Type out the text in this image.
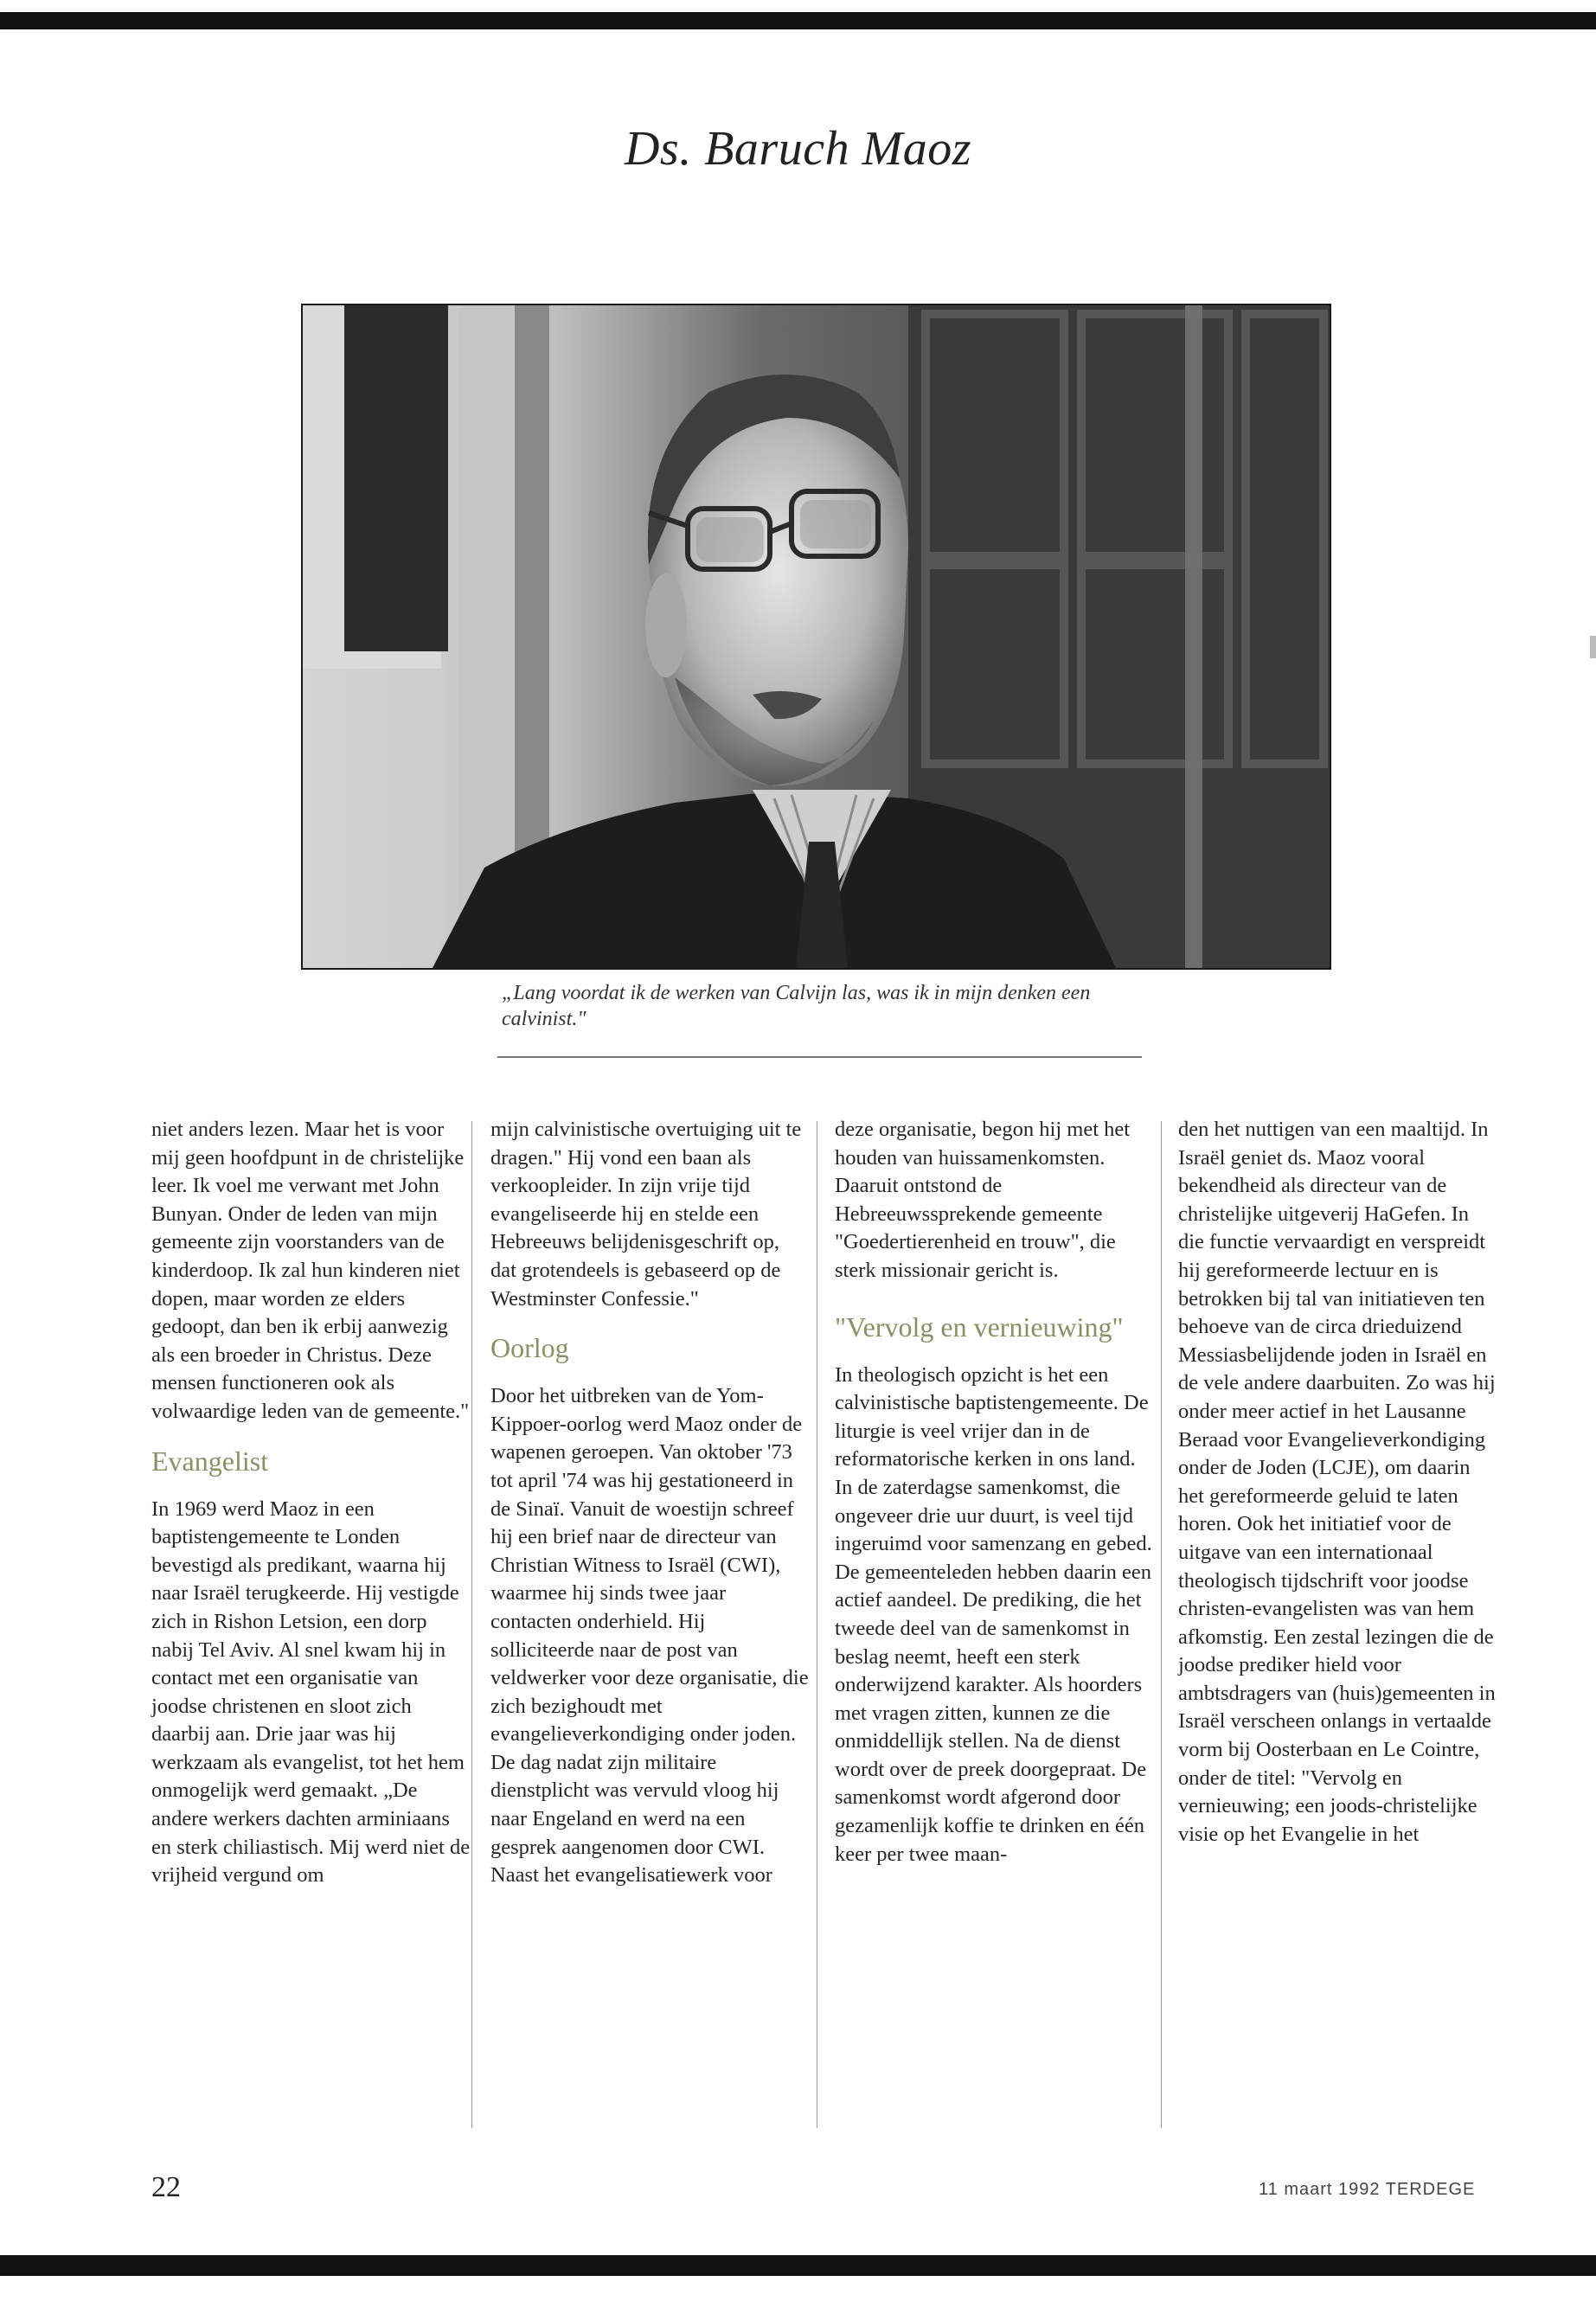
Ds. Baruch Maoz
„Lang voordat ik de werken van Calvijn las, was ik in mijn denken een calvinist."

niet anders lezen. Maar het is voor mij geen hoofdpunt in de christelijke leer. Ik voel me verwant met John Bunyan. Onder de leden van mijn gemeente zijn voorstanders van de kinderdoop. Ik zal hun kinderen niet dopen, maar worden ze elders gedoopt, dan ben ik erbij aanwezig als een broeder in Christus. Deze mensen functioneren ook als volwaardige leden van de gemeente."

Evangelist

In 1969 werd Maoz in een baptistengemeente te Londen bevestigd als predikant, waarna hij naar Israël terugkeerde. Hij vestigde zich in Rishon Letsion, een dorp nabij Tel Aviv. Al snel kwam hij in contact met een organisatie van joodse christenen en sloot zich daarbij aan. Drie jaar was hij werkzaam als evangelist, tot het hem onmogelijk werd gemaakt. „De andere werkers dachten arminiaans en sterk chiliastisch. Mij werd niet de vrijheid vergund om

mijn calvinistische overtuiging uit te dragen." Hij vond een baan als verkoopleider. In zijn vrije tijd evangeliseerde hij en stelde een Hebreeuws belijdenisgeschrift op, dat grotendeels is gebaseerd op de Westminster Confessie."

Oorlog

Door het uitbreken van de Yom-Kippoer-oorlog werd Maoz onder de wapenen geroepen. Van oktober '73 tot april '74 was hij gestationeerd in de Sinaï. Vanuit de woestijn schreef hij een brief naar de directeur van Christian Witness to Israël (CWI), waarmee hij sinds twee jaar contacten onderhield. Hij solliciteerde naar de post van veldwerker voor deze organisatie, die zich bezighoudt met evangelieverkondiging onder joden. De dag nadat zijn militaire dienstplicht was vervuld vloog hij naar Engeland en werd na een gesprek aangenomen door CWI. Naast het evangelisatiewerk voor

deze organisatie, begon hij met het houden van huissamenkomsten. Daaruit ontstond de Hebreeuwssprekende gemeente "Goedertierenheid en trouw", die sterk missionair gericht is.

"Vervolg en vernieuwing"

In theologisch opzicht is het een calvinistische baptistengemeente. De liturgie is veel vrijer dan in de reformatorische kerken in ons land. In de zaterdagse samenkomst, die ongeveer drie uur duurt, is veel tijd ingeruimd voor samenzang en gebed. De gemeenteleden hebben daarin een actief aandeel. De prediking, die het tweede deel van de samenkomst in beslag neemt, heeft een sterk onderwijzend karakter. Als hoorders met vragen zitten, kunnen ze die onmiddellijk stellen. Na de dienst wordt over de preek doorgepraat. De samenkomst wordt afgerond door gezamenlijk koffie te drinken en één keer per twee maan-

den het nuttigen van een maaltijd. In Israël geniet ds. Maoz vooral bekendheid als directeur van de christelijke uitgeverij HaGefen. In die functie vervaardigt en verspreidt hij gereformeerde lectuur en is betrokken bij tal van initiatieven ten behoeve van de circa drieduizend Messiasbelijdende joden in Israël en de vele andere daarbuiten. Zo was hij onder meer actief in het Lausanne Beraad voor Evangelieverkondiging onder de Joden (LCJE), om daarin het gereformeerde geluid te laten horen. Ook het initiatief voor de uitgave van een internationaal theologisch tijdschrift voor joodse christen-evangelisten was van hem afkomstig. Een zestal lezingen die de joodse prediker hield voor ambtsdragers van (huis)gemeenten in Israël verscheen onlangs in vertaalde vorm bij Oosterbaan en Le Cointre, onder de titel: "Vervolg en vernieuwing; een joods-christelijke visie op het Evangelie in het

22	11 maart 1992 TERDEGE
